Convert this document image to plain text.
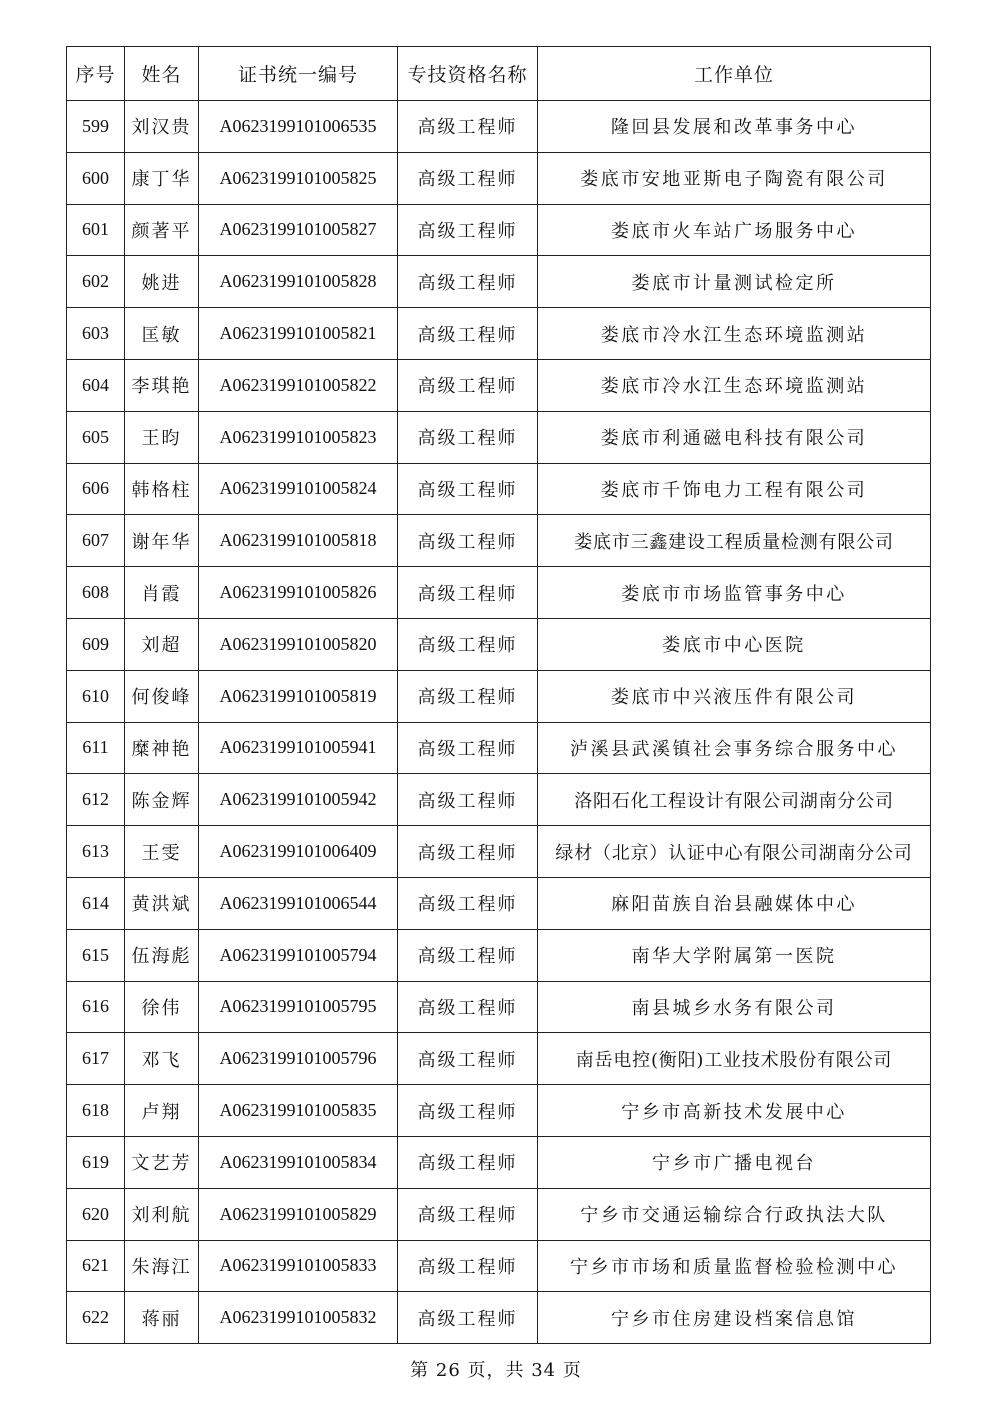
序号	姓名	证书统一编号	专技资格名称	工作单位
599	刘汉贵	A0623199101006535	高级工程师	隆回县发展和改革事务中心
600	康丁华	A0623199101005825	高级工程师	娄底市安地亚斯电子陶瓷有限公司
601	颜著平	A0623199101005827	高级工程师	娄底市火车站广场服务中心
602	姚进	A0623199101005828	高级工程师	娄底市计量测试检定所
603	匡敏	A0623199101005821	高级工程师	娄底市冷水江生态环境监测站
604	李琪艳	A0623199101005822	高级工程师	娄底市冷水江生态环境监测站
605	王昀	A0623199101005823	高级工程师	娄底市利通磁电科技有限公司
606	韩格柱	A0623199101005824	高级工程师	娄底市千饰电力工程有限公司
607	谢年华	A0623199101005818	高级工程师	娄底市三鑫建设工程质量检测有限公司
608	肖霞	A0623199101005826	高级工程师	娄底市市场监管事务中心
609	刘超	A0623199101005820	高级工程师	娄底市中心医院
610	何俊峰	A0623199101005819	高级工程师	娄底市中兴液压件有限公司
611	糜神艳	A0623199101005941	高级工程师	泸溪县武溪镇社会事务综合服务中心
612	陈金辉	A0623199101005942	高级工程师	洛阳石化工程设计有限公司湖南分公司
613	王雯	A0623199101006409	高级工程师	绿材（北京）认证中心有限公司湖南分公司
614	黄洪斌	A0623199101006544	高级工程师	麻阳苗族自治县融媒体中心
615	伍海彪	A0623199101005794	高级工程师	南华大学附属第一医院
616	徐伟	A0623199101005795	高级工程师	南县城乡水务有限公司
617	邓飞	A0623199101005796	高级工程师	南岳电控(衡阳)工业技术股份有限公司
618	卢翔	A0623199101005835	高级工程师	宁乡市高新技术发展中心
619	文艺芳	A0623199101005834	高级工程师	宁乡市广播电视台
620	刘利航	A0623199101005829	高级工程师	宁乡市交通运输综合行政执法大队
621	朱海江	A0623199101005833	高级工程师	宁乡市市场和质量监督检验检测中心
622	蒋丽	A0623199101005832	高级工程师	宁乡市住房建设档案信息馆
第 26 页，共 34 页
